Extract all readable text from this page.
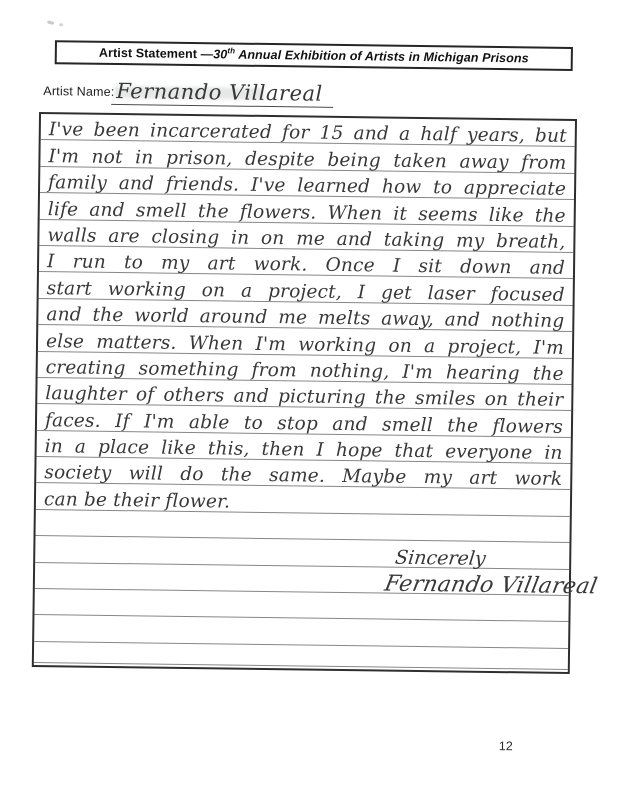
Artist Statement — 30th Annual Exhibition of Artists in Michigan Prisons
Artist Name: Fernando Villareal
I've been incarcerated for 15 and a half years, but
I'm not in prison, despite being taken away from
family and friends. I've learned how to appreciate
life and smell the flowers. When it seems like the
walls are closing in on me and taking my breath,
I run to my art work. Once I sit down and
start working on a project, I get laser focused
and the world around me melts away, and nothing
else matters. When I'm working on a project, I'm
creating something from nothing, I'm hearing the
laughter of others and picturing the smiles on their
faces. If I'm able to stop and smell the flowers
in a place like this, then I hope that everyone in
society will do the same. Maybe my art work
can be their flower.
Sincerely
Fernando Villareal
12
